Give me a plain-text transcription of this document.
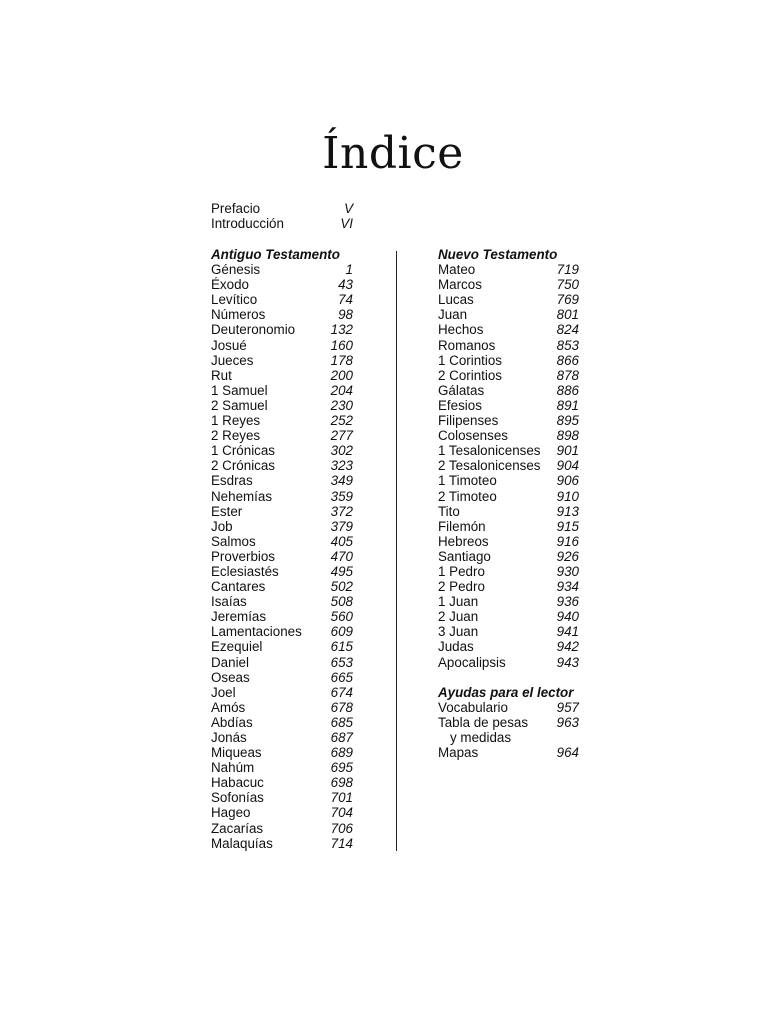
Índice
Prefacio	V
Introducción	VI
Antiguo Testamento
Génesis	1
Éxodo	43
Levítico	74
Números	98
Deuteronomio	132
Josué	160
Jueces	178
Rut	200
1 Samuel	204
2 Samuel	230
1 Reyes	252
2 Reyes	277
1 Crónicas	302
2 Crónicas	323
Esdras	349
Nehemías	359
Ester	372
Job	379
Salmos	405
Proverbios	470
Eclesiastés	495
Cantares	502
Isaías	508
Jeremías	560
Lamentaciones 609
Ezequiel	615
Daniel	653
Oseas	665
Joel	674
Amós	678
Abdías	685
Jonás	687
Miqueas	689
Nahúm	695
Habacuc	698
Sofonías	701
Hageo	704
Zacarías	706
Malaquías	714
Nuevo Testamento
Mateo	719
Marcos	750
Lucas	769
Juan	801
Hechos	824
Romanos	853
1 Corintios	866
2 Corintios	878
Gálatas	886
Efesios	891
Filipenses	895
Colosenses	898
1 Tesalonicenses 901
2 Tesalonicenses 904
1 Timoteo	906
2 Timoteo	910
Tito	913
Filemón	915
Hebreos	916
Santiago	926
1 Pedro	930
2 Pedro	934
1 Juan	936
2 Juan	940
3 Juan	941
Judas	942
Apocalipsis	943
Ayudas para el lector
Vocabulario	957
Tabla de pesas 963
y medidas
Mapas	964
